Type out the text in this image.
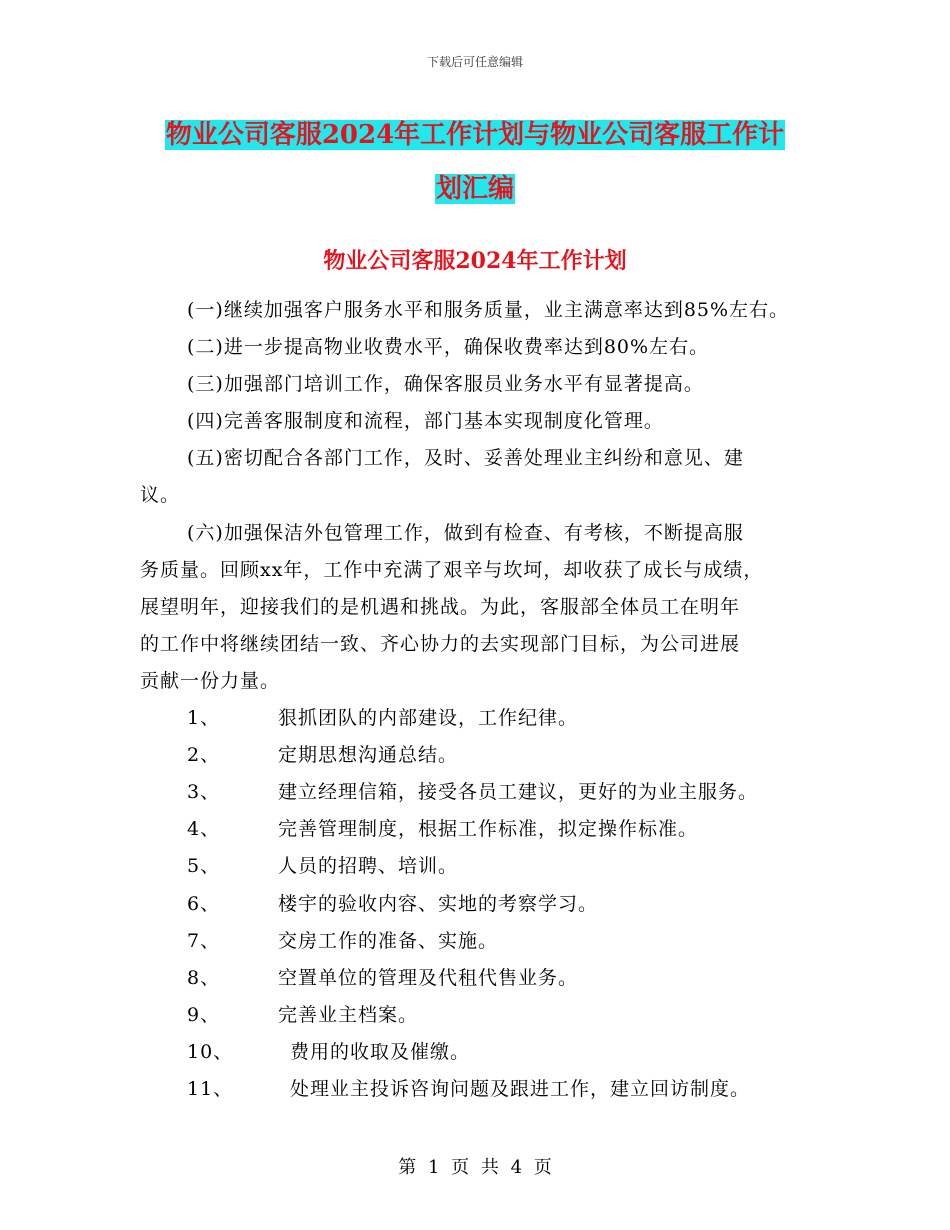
下载后可任意编辑
物业公司客服2024年工作计划与物业公司客服工作计
划汇编
物业公司客服2024年工作计划

(一)继续加强客户服务水平和服务质量，业主满意率达到85%左右。

(二)进一步提高物业收费水平，确保收费率达到80%左右。

(三)加强部门培训工作，确保客服员业务水平有显著提高。

(四)完善客服制度和流程，部门基本实现制度化管理。

(五)密切配合各部门工作，及时、妥善处理业主纠纷和意见、建

议。

(六)加强保洁外包管理工作，做到有检查、有考核，不断提高服

务质量。回顾xx年，工作中充满了艰辛与坎坷，却收获了成长与成绩，

展望明年，迎接我们的是机遇和挑战。为此，客服部全体员工在明年

的工作中将继续团结一致、齐心协力的去实现部门目标，为公司进展

贡献一份力量。

1、	狠抓团队的内部建设，工作纪律。
2、	定期思想沟通总结。
3、	建立经理信箱，接受各员工建议，更好的为业主服务。
4、	完善管理制度，根据工作标准，拟定操作标准。
5、	人员的招聘、培训。
6、	楼宇的验收内容、实地的考察学习。
7、	交房工作的准备、实施。
8、	空置单位的管理及代租代售业务。
9、	完善业主档案。
10、	费用的收取及催缴。
11、	处理业主投诉咨询问题及跟进工作，建立回访制度。
第 1 页 共 4 页
